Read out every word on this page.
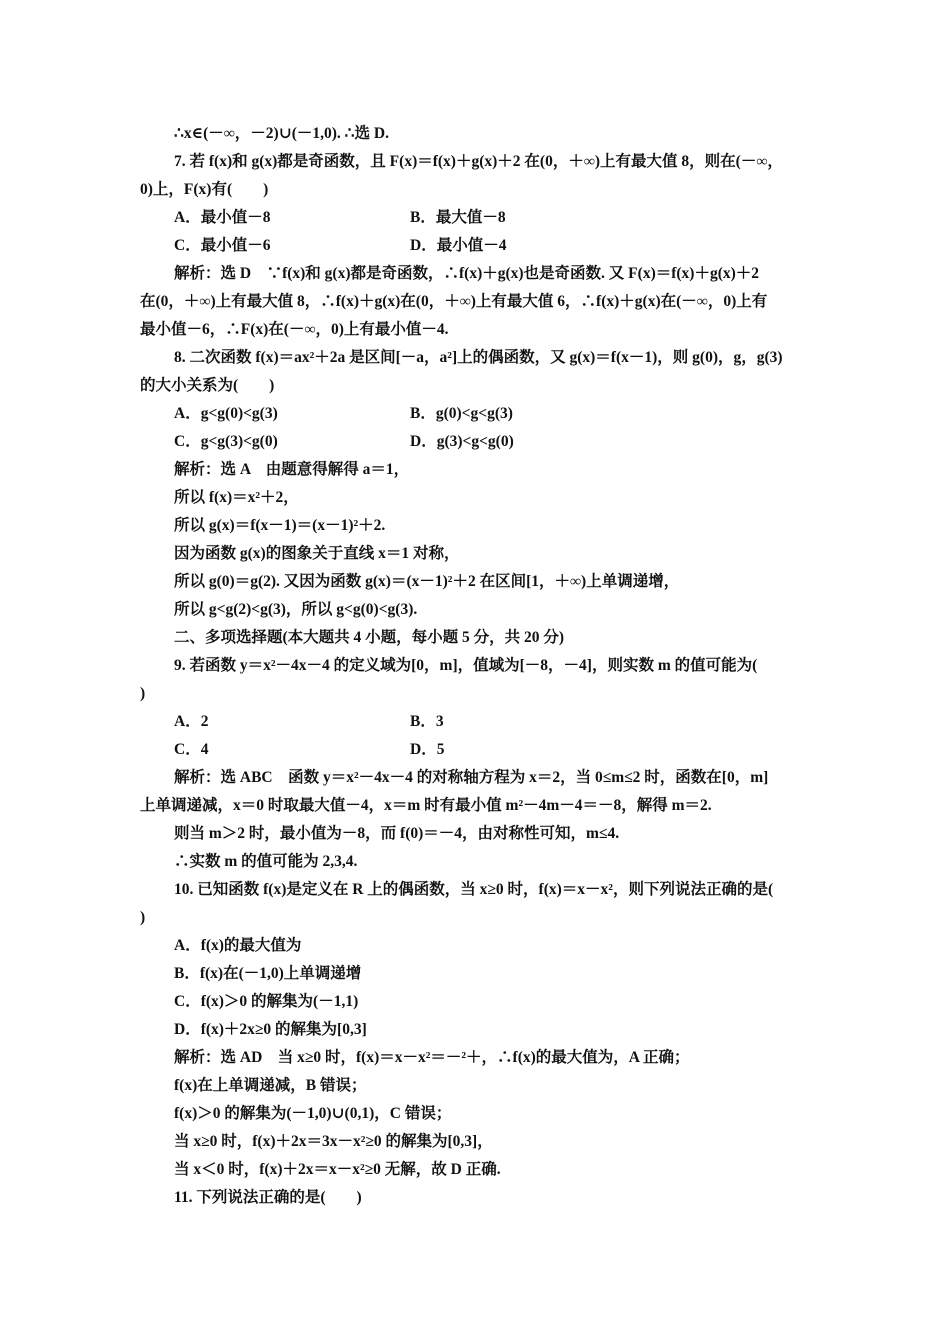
∴x∈(－∞，－2)∪(－1,0). ∴选 D.
7. 若 f(x)和 g(x)都是奇函数，且 F(x)＝f(x)＋g(x)＋2 在(0，＋∞)上有最大值 8，则在(－∞，
0)上，F(x)有(　　)
A．最小值－8	B．最大值－8
C．最小值－6	D．最小值－4
解析：选 D　∵f(x)和 g(x)都是奇函数，∴f(x)＋g(x)也是奇函数. 又 F(x)＝f(x)＋g(x)＋2
在(0，＋∞)上有最大值 8，∴f(x)＋g(x)在(0，＋∞)上有最大值 6，∴f(x)＋g(x)在(－∞，0)上有
最小值－6，∴F(x)在(－∞，0)上有最小值－4.
8. 二次函数 f(x)＝ax²＋2a 是区间[－a，a²]上的偶函数，又 g(x)＝f(x－1)，则 g(0)，g，g(3)
的大小关系为(　　)
A．g<g(0)<g(3)	B．g(0)<g<g(3)
C．g<g(3)<g(0)	D．g(3)<g<g(0)
解析：选 A　由题意得解得 a＝1，
所以 f(x)＝x²＋2，
所以 g(x)＝f(x－1)＝(x－1)²＋2.
因为函数 g(x)的图象关于直线 x＝1 对称，
所以 g(0)＝g(2). 又因为函数 g(x)＝(x－1)²＋2 在区间[1，＋∞)上单调递增，
所以 g<g(2)<g(3)，所以 g<g(0)<g(3).
二、多项选择题(本大题共 4 小题，每小题 5 分，共 20 分)
9. 若函数 y＝x²－4x－4 的定义域为[0，m]，值域为[－8，－4]，则实数 m 的值可能为(
)
A．2	B．3
C．4	D．5
解析：选 ABC　函数 y＝x²－4x－4 的对称轴方程为 x＝2，当 0≤m≤2 时，函数在[0，m]
上单调递减，x＝0 时取最大值－4，x＝m 时有最小值 m²－4m－4＝－8，解得 m＝2.
则当 m＞2 时，最小值为－8，而 f(0)＝－4，由对称性可知，m≤4.
∴实数 m 的值可能为 2,3,4.
10. 已知函数 f(x)是定义在 R 上的偶函数，当 x≥0 时，f(x)＝x－x²，则下列说法正确的是(
)
A．f(x)的最大值为
B．f(x)在(－1,0)上单调递增
C．f(x)＞0 的解集为(－1,1)
D．f(x)＋2x≥0 的解集为[0,3]
解析：选 AD　当 x≥0 时，f(x)＝x－x²＝－²＋，∴f(x)的最大值为，A 正确；
f(x)在上单调递减，B 错误；
f(x)＞0 的解集为(－1,0)∪(0,1)，C 错误；
当 x≥0 时，f(x)＋2x＝3x－x²≥0 的解集为[0,3]，
当 x＜0 时，f(x)＋2x＝x－x²≥0 无解，故 D 正确.
11. 下列说法正确的是(　　)
